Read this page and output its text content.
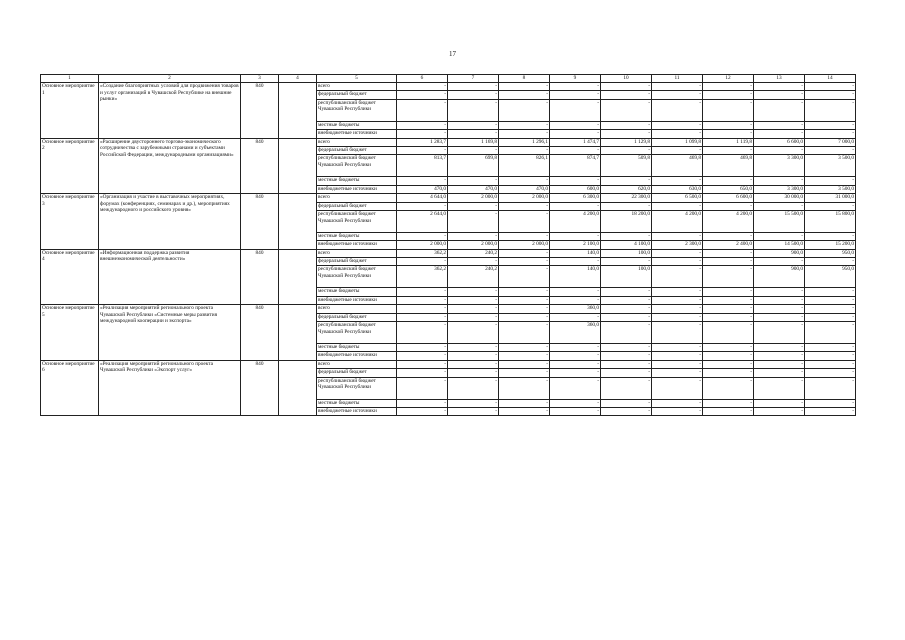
17
1	2	3	4	5	6	7	8	9	10	11	12	13	14
Основное мероприятие 1	«Создание благоприятных условий для продвижения товаров и услуг организаций в Чувашской Республике на внешние рынки»	840		всего	-	-	-	-	-	-	-	-	-
				федеральный бюджет	-	-	-	-	-	-	-	-	-
				республиканский бюджет Чувашской Республики	-	-	-	-	-	-	-	-	-
				местные бюджеты	-	-	-	-	-	-	-	-	-
				внебюджетные источники	-	-	-	-	-	-	-	-	-
Основное мероприятие 2	«Расширение двустороннего торгово-экономического сотрудничества с зарубежными странами и субъектами Российской Федерации, международными организациями»	840		всего	1 283,7	1 169,8	1 296,1	1 474,7	1 129,8	1 099,8	1 119,8	6 600,0	7 000,0
				федеральный бюджет	-	-	-	-	-	-	-	-	-
				республиканский бюджет Чувашской Республики	813,7	699,8	826,1	874,7	509,8	469,8	469,8	3 300,0	3 500,0
				местные бюджеты	-	-	-	-	-	-	-	-	-
				внебюджетные источники	470,0	470,0	470,0	600,0	620,0	630,0	650,0	3 300,0	3 500,0
Основное мероприятие 3	«Организация и участие в выставочных мероприятиях, форумах (конференциях, семинарах и др.), мероприятиях международного и российского уровня»	840		всего	4 644,0	2 000,0	2 000,0	6 300,0	22 300,0	6 500,0	6 600,0	30 000,0	31 000,0
				федеральный бюджет	-	-	-	-	-	-	-	-	-
				республиканский бюджет Чувашской Республики	2 644,0	-	-	4 200,0	18 200,0	4 200,0	4 200,0	15 500,0	15 800,0
				местные бюджеты	-	-	-	-	-	-	-	-	-
				внебюджетные источники	2 000,0	2 000,0	2 000,0	2 100,0	4 100,0	2 300,0	2 400,0	14 500,0	15 200,0
Основное мероприятие 4	«Информационная поддержка развития внешнеэкономической деятельности»	840		всего	362,2	240,2	-	140,0	100,0	-	-	900,0	950,0
				федеральный бюджет	-	-	-	-	-	-	-	-	-
				республиканский бюджет Чувашской Республики	362,2	240,2	-	140,0	100,0	-	-	900,0	950,0
				местные бюджеты	-	-	-	-	-	-	-	-	-
				внебюджетные источники	-	-	-	-	-	-	-	-	-
Основное мероприятие 5	«Реализация мероприятий регионального проекта Чувашской Республики «Системные меры развития международной кооперации и экспорта»	840		всего	-	-	-	360,0	-	-	-	-	-
				федеральный бюджет	-	-	-	-	-	-	-	-	-
				республиканский бюджет Чувашской Республики	-	-	-	360,0	-	-	-	-	-
				местные бюджеты	-	-	-	-	-	-	-	-	-
				внебюджетные источники	-	-	-	-	-	-	-	-	-
Основное мероприятие 6	«Реализация мероприятий регионального проекта Чувашской Республики «Экспорт услуг»	840		всего	-	-	-	-	-	-	-	-	-
				федеральный бюджет	-	-	-	-	-	-	-	-	-
				республиканский бюджет Чувашской Республики	-	-	-	-	-	-	-	-	-
				местные бюджеты	-	-	-	-	-	-	-	-	-
				внебюджетные источники	-	-	-	-	-	-	-	-	-
